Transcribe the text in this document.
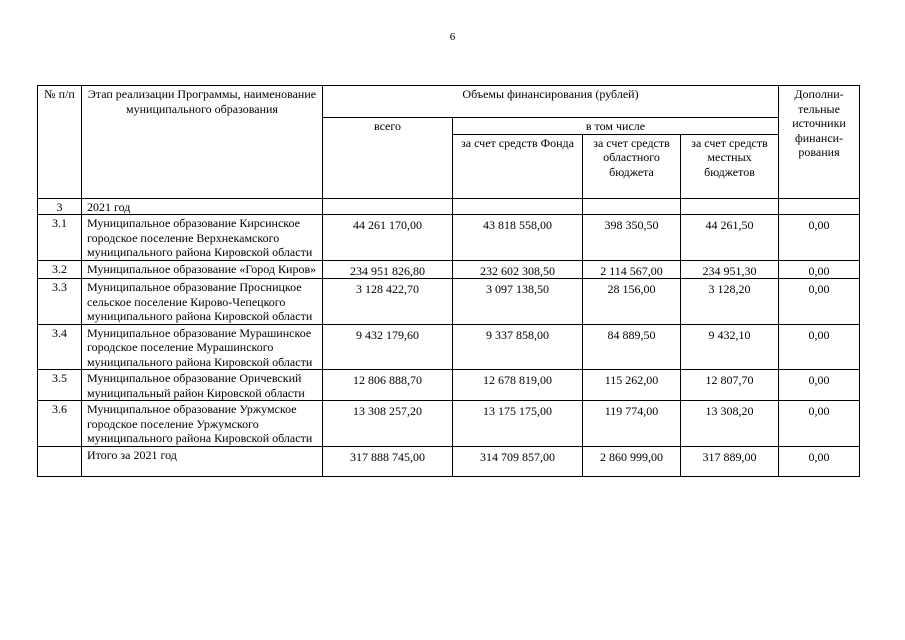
6
№ п/п	Этап реализации Программы, наименование муниципального образования	Объемы финансирования (рублей)				Дополни-тельные источники финанси-рования
		всего	в том числе			
			за счет средств Фонда	за счет средств областного бюджета	за счет средств местных бюджетов	
3	2021 год					
3.1	Муниципальное образование Кирсинское городское поселение Верхнекамского муниципального района Кировской области	44 261 170,00	43 818 558,00	398 350,50	44 261,50	0,00
3.2	Муниципальное образование «Город Киров»	234 951 826,80	232 602 308,50	2 114 567,00	234 951,30	0,00
3.3	Муниципальное образование Просницкое сельское поселение Кирово-Чепецкого муниципального района Кировской области	3 128 422,70	3 097 138,50	28 156,00	3 128,20	0,00
3.4	Муниципальное образование Мурашинское городское поселение Мурашинского муниципального района Кировской области	9 432 179,60	9 337 858,00	84 889,50	9 432,10	0,00
3.5	Муниципальное образование Оричевский муниципальный район Кировской области	12 806 888,70	12 678 819,00	115 262,00	12 807,70	0,00
3.6	Муниципальное образование Уржумское городское поселение Уржумского муниципального района Кировской области	13 308 257,20	13 175 175,00	119 774,00	13 308,20	0,00
	Итого за 2021 год	317 888 745,00	314 709 857,00	2 860 999,00	317 889,00	0,00
